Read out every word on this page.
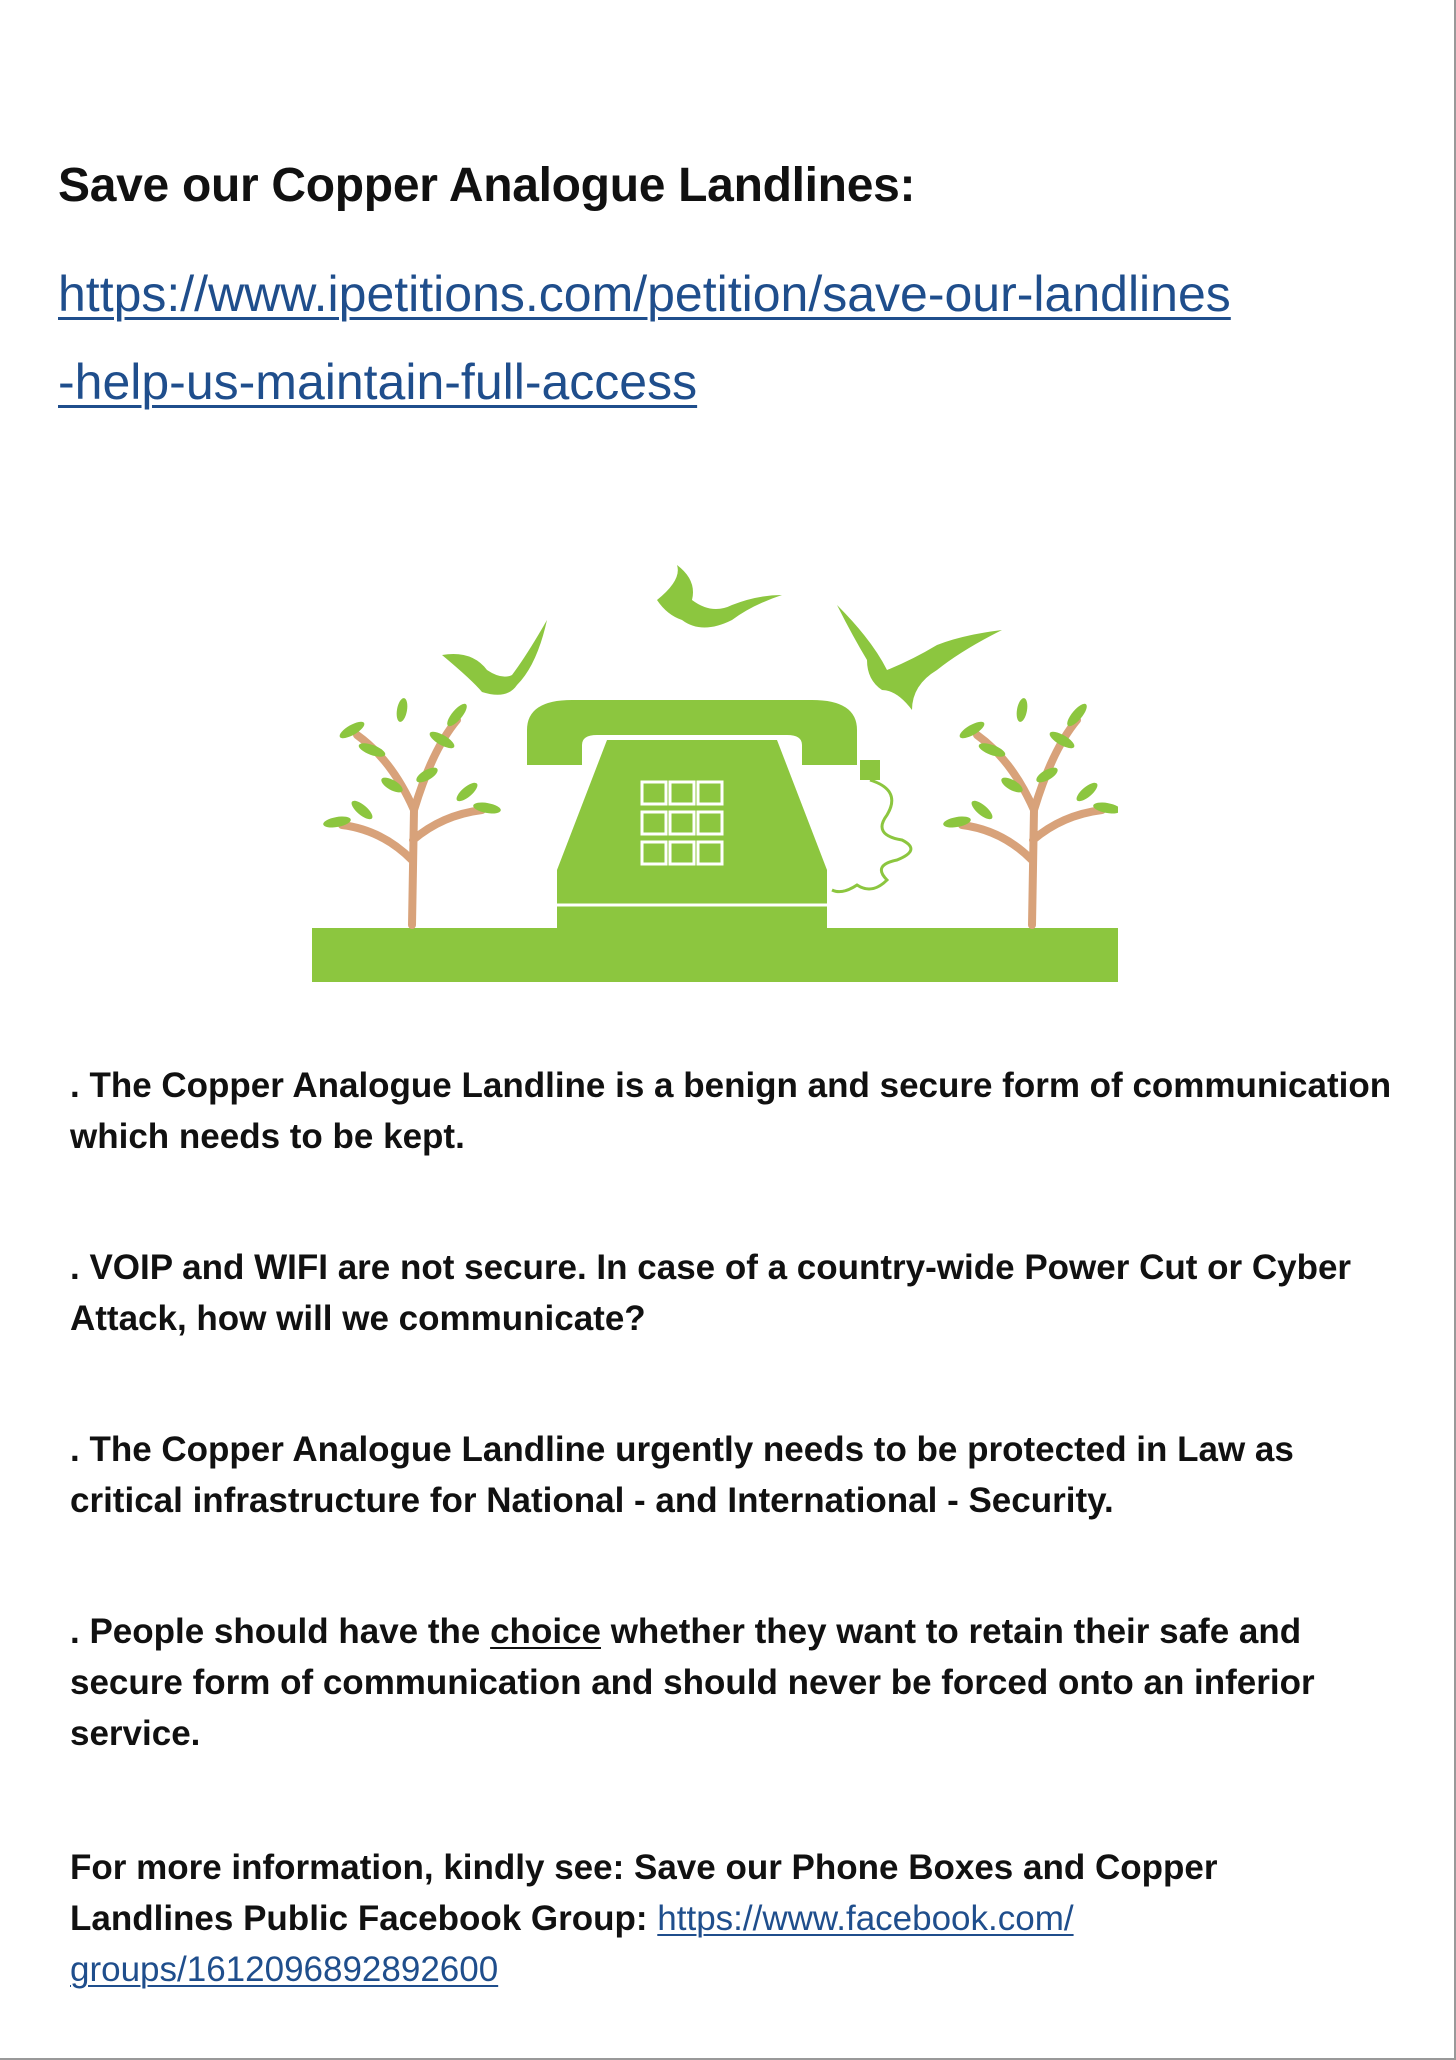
Save our Copper Analogue Landlines:
https://www.ipetitions.com/petition/save-our-landlines
-help-us-maintain-full-access

. The Copper Analogue Landline is a benign and secure form of communication which needs to be kept.

. VOIP and WIFI are not secure. In case of a country-wide Power Cut or Cyber Attack, how will we communicate?

. The Copper Analogue Landline urgently needs to be protected in Law as critical infrastructure for National - and International - Security.

. People should have the choice whether they want to retain their safe and secure form of communication and should never be forced onto an inferior service.

For more information, kindly see: Save our Phone Boxes and Copper Landlines Public Facebook Group: https://www.facebook.com/
groups/1612096892892600
